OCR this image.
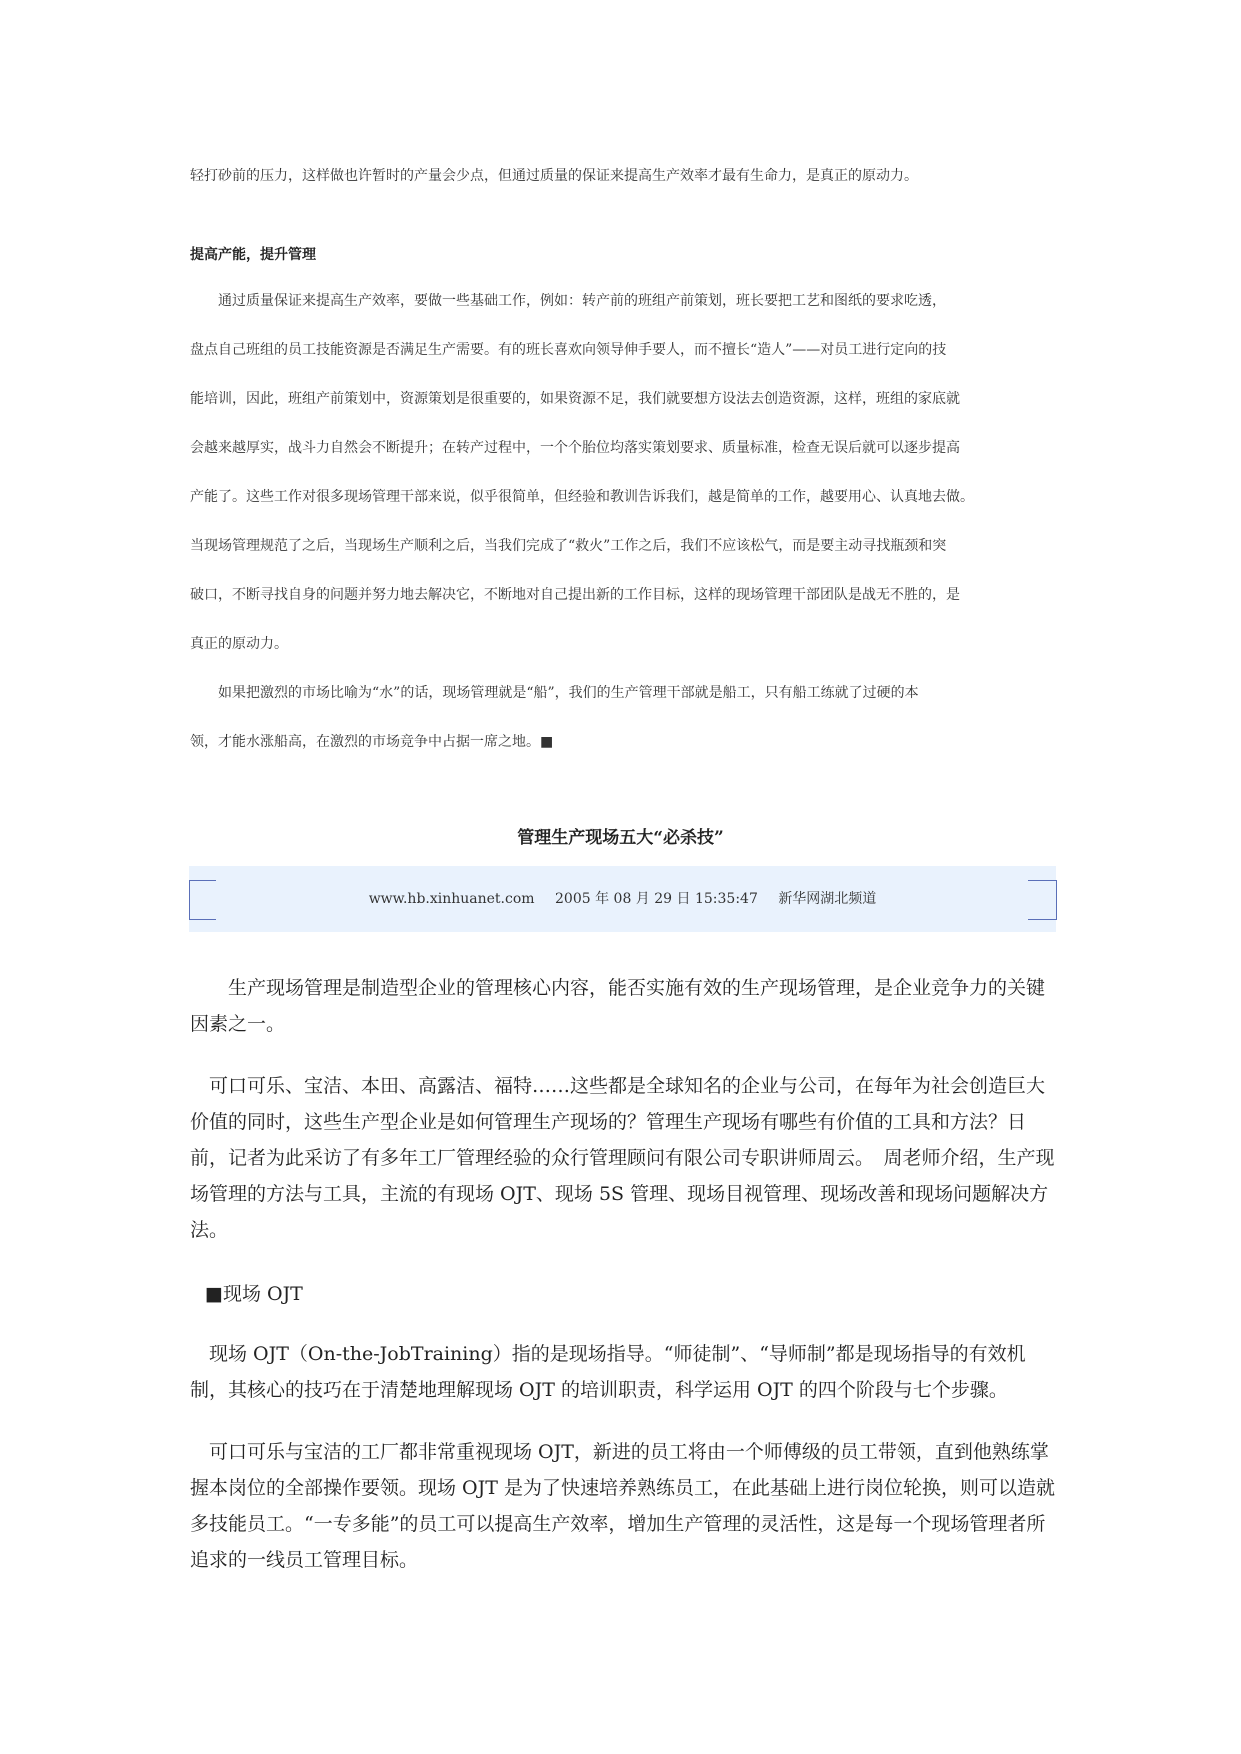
轻打砂前的压力，这样做也许暂时的产量会少点，但通过质量的保证来提高生产效率才最有生命力，是真正的原动力。
提高产能，提升管理
　　通过质量保证来提高生产效率，要做一些基础工作，例如：转产前的班组产前策划，班长要把工艺和图纸的要求吃透，
盘点自己班组的员工技能资源是否满足生产需要。有的班长喜欢向领导伸手要人，而不擅长“造人”——对员工进行定向的技
能培训，因此，班组产前策划中，资源策划是很重要的，如果资源不足，我们就要想方设法去创造资源，这样，班组的家底就
会越来越厚实，战斗力自然会不断提升；在转产过程中，一个个胎位均落实策划要求、质量标准，检查无误后就可以逐步提高
产能了。这些工作对很多现场管理干部来说，似乎很简单，但经验和教训告诉我们，越是简单的工作，越要用心、认真地去做。
当现场管理规范了之后，当现场生产顺利之后，当我们完成了“救火”工作之后，我们不应该松气，而是要主动寻找瓶颈和突
破口，不断寻找自身的问题并努力地去解决它，不断地对自己提出新的工作目标，这样的现场管理干部团队是战无不胜的，是
真正的原动力。
　　如果把激烈的市场比喻为“水”的话，现场管理就是“船”，我们的生产管理干部就是船工，只有船工练就了过硬的本
领，才能水涨船高，在激烈的市场竞争中占据一席之地。■
管理生产现场五大“必杀技”
www.hb.xinhuanet.com 2005 年 08 月 29 日 15:35:47 新华网湖北频道

　　生产现场管理是制造型企业的管理核心内容，能否实施有效的生产现场管理，是企业竞争力的关键因素之一。

　可口可乐、宝洁、本田、高露洁、福特……这些都是全球知名的企业与公司，在每年为社会创造巨大价值的同时，这些生产型企业是如何管理生产现场的？管理生产现场有哪些有价值的工具和方法？日前，记者为此采访了有多年工厂管理经验的众行管理顾问有限公司专职讲师周云。　周老师介绍，生产现场管理的方法与工具，主流的有现场 OJT、现场 5S 管理、现场目视管理、现场改善和现场问题解决方法。

■现场 OJT

　现场 OJT（On-the-JobTraining）指的是现场指导。“师徒制”、“导师制”都是现场指导的有效机制，其核心的技巧在于清楚地理解现场 OJT 的培训职责，科学运用 OJT 的四个阶段与七个步骤。

　可口可乐与宝洁的工厂都非常重视现场 OJT，新进的员工将由一个师傅级的员工带领，直到他熟练掌握本岗位的全部操作要领。现场 OJT 是为了快速培养熟练员工，在此基础上进行岗位轮换，则可以造就多技能员工。“一专多能”的员工可以提高生产效率，增加生产管理的灵活性，这是每一个现场管理者所追求的一线员工管理目标。
